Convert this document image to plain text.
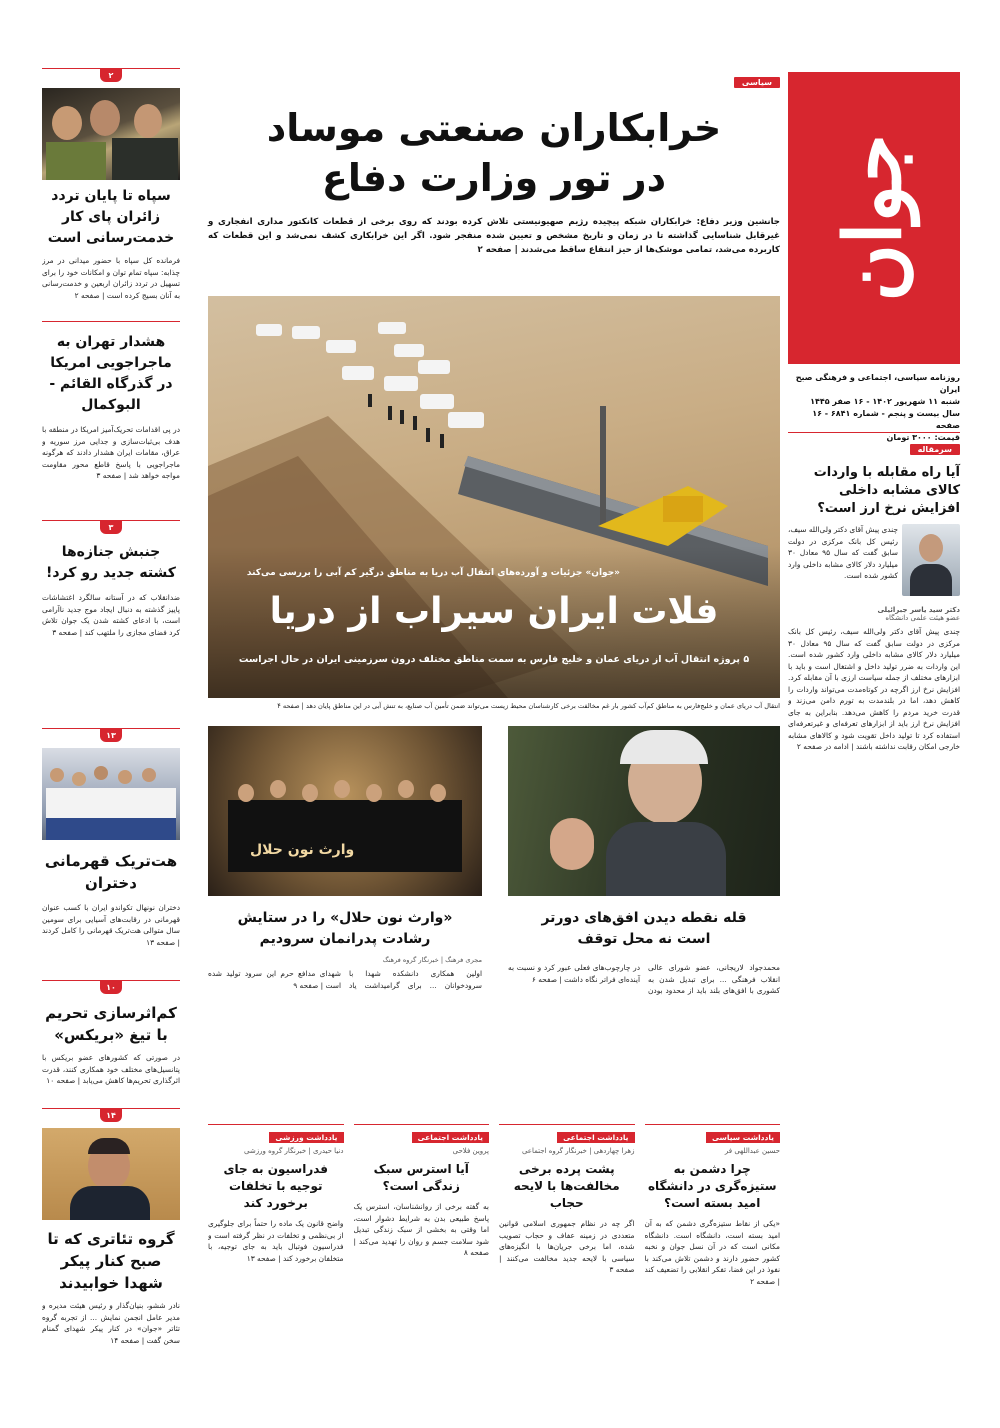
جوان
روزنامه سیاسی، اجتماعی و فرهنگی صبح ایران
شنبه ۱۱ شهریور ۱۴۰۲ - ۱۶ صفر ۱۴۴۵
سال بیست و پنجم - شماره ۶۸۴۱ - ۱۶ صفحه
قیمت: ۳۰۰۰ تومان
سرمقاله
آیا راه مقابله با واردات کالای مشابه داخلی افزایش نرخ ارز است؟
چندی پیش آقای دکتر ولی‌الله سیف، رئیس کل بانک مرکزی در دولت سابق گفت که سال ۹۵ معادل ۳۰ میلیارد دلار کالای مشابه داخلی وارد کشور شده است.
دکتر سید یاسر جبرائیلی
عضو هیئت علمی دانشگاه
چندی پیش آقای دکتر ولی‌الله سیف، رئیس کل بانک مرکزی در دولت سابق گفت که سال ۹۵ معادل ۳۰ میلیارد دلار کالای مشابه داخلی وارد کشور شده است. این واردات به ضرر تولید داخل و اشتغال است و باید با ابزارهای مختلف از جمله سیاست ارزی با آن مقابله کرد. افزایش نرخ ارز اگرچه در کوتاه‌مدت می‌تواند واردات را کاهش دهد، اما در بلندمدت به تورم دامن می‌زند و قدرت خرید مردم را کاهش می‌دهد. بنابراین به جای افزایش نرخ ارز باید از ابزارهای تعرفه‌ای و غیرتعرفه‌ای استفاده کرد تا تولید داخل تقویت شود و کالاهای مشابه خارجی امکان رقابت نداشته باشند | ادامه در صفحه ۲
۲
سپاه تا پایان تردد زائران پای کار خدمت‌رسانی است
فرمانده کل سپاه با حضور میدانی در مرز چذابه: سپاه تمام توان و امکانات خود را برای تسهیل در تردد زائران اربعین و خدمت‌رسانی به آنان بسیج کرده است | صفحه ۲
هشدار تهران به ماجراجویی امریکا در گذرگاه القائم - البوکمال
در پی اقدامات تحریک‌آمیز امریکا در منطقه با هدف بی‌ثبات‌سازی و جدایی مرز سوریه و عراق، مقامات ایران هشدار دادند که هرگونه ماجراجویی با پاسخ قاطع محور مقاومت مواجه خواهد شد | صفحه ۳
۳
جنبش جنازه‌ها کشته جدید رو کرد!
ضدانقلاب که در آستانه سالگرد اغتشاشات پاییز گذشته به دنبال ایجاد موج جدید ناآرامی است، با ادعای کشته شدن یک جوان تلاش کرد فضای مجازی را ملتهب کند | صفحه ۳
۱۳
هت‌تریک قهرمانی دختران
دختران نونهال تکواندو ایران با کسب عنوان قهرمانی در رقابت‌های آسیایی برای سومین سال متوالی هت‌تریک قهرمانی را کامل کردند | صفحه ۱۳
۱۰
کم‌اثرسازی تحریم با تیغ «بریکس»
در صورتی که کشورهای عضو بریکس با پتانسیل‌های مختلف خود همکاری کنند، قدرت اثرگذاری تحریم‌ها کاهش می‌یابد | صفحه ۱۰
۱۴
گروه تئاتری که تا صبح کنار پیکر شهدا خوابیدند
نادر ششو، بنیان‌گذار و رئیس هیئت مدیره و مدیر عامل انجمن نمایش ... از تجربه گروه تئاتر «جوان» در کنار پیکر شهدای گمنام سخن گفت | صفحه ۱۴
سیاسی
خرابکاران صنعتی موساد
در تور وزارت دفاع
جانشین وزیر دفاع: خرابکاران شبکه پیچیده رژیم صهیونیستی تلاش کرده بودند که روی برخی از قطعات کانکتور مداری انفجاری و غیرقابل شناسایی گذاشته تا در زمان و تاریخ مشخص و تعیین شده منفجر شود. اگر این خرابکاری کشف نمی‌شد و این قطعات که کاربرد‌ه می‌شد، تمامی موشک‌ها از حیز انتفاع ساقط می‌شدند | صفحه ۲
«جوان» جزئیات و آورده‌های انتقال آب دریا به مناطق درگیر کم آبی را بررسی می‌کند
فلات ایران سیراب از دریا
۵ پروژه انتقال آب از دریای عمان و خلیج فارس به سمت مناطق مختلف درون سرزمینی ایران در حال اجراست
انتقال آب دریای عمان و خلیج‌فارس به مناطق کم‌آب کشور بار غم مخالفت برخی کارشناسان محیط زیست می‌تواند ضمن تأمین آب صنایع، به تنش آبی در این مناطق پایان دهد | صفحه ۴
قله نقطه دیدن افق‌های دورتر است نه محل توقف
محمدجواد لاریجانی، عضو شورای عالی انقلاب فرهنگی ... برای تبدیل شدن به کشوری با افق‌های بلند باید از محدود بودن در چارچوب‌های فعلی عبور کرد و نسبت به آینده‌ای فراتر نگاه داشت | صفحه ۶
وارث نون حلال
«وارث نون حلال» را در ستایش رشادت پدرانمان سرودیم
مجری فرهنگ | خبرنگار گروه فرهنگ
اولین همکاری دانشکده شهدا با سرودخوانان ... برای گرامیداشت یاد شهدای مدافع حرم این سرود تولید شده است | صفحه ۹
یادداشت سیاسی
حسین عبداللهی فر
چرا دشمن به ستیزه‌گری در دانشگاه امید بسته است؟
«یکی از نقاط ستیزه‌گری دشمن که به آن امید بسته است، دانشگاه است. دانشگاه مکانی است که در آن نسل جوان و نخبه کشور حضور دارند و دشمن تلاش می‌کند با نفوذ در این فضا، تفکر انقلابی را تضعیف کند | صفحه ۲
یادداشت اجتماعی
زهرا چهاردهی | خبرنگار گروه اجتماعی
پشت پرده برخی مخالفت‌ها با لایحه حجاب
اگر چه در نظام جمهوری اسلامی قوانین متعددی در زمینه عفاف و حجاب تصویب شده، اما برخی جریان‌ها با انگیزه‌های سیاسی با لایحه جدید مخالفت می‌کنند | صفحه ۳
یادداشت اجتماعی
پروین فلاحی
آیا استرس سبک زندگی است؟
به گفته برخی از روانشناسان، استرس یک پاسخ طبیعی بدن به شرایط دشوار است، اما وقتی به بخشی از سبک زندگی تبدیل شود سلامت جسم و روان را تهدید می‌کند | صفحه ۸
یادداشت ورزشی
دنیا حیدری | خبرنگار گروه ورزشی
فدراسیون به جای توجیه با تخلفات برخورد کند
واضح قانون یک ماده را حتماً برای جلوگیری از بی‌نظمی و تخلفات در نظر گرفته است و فدراسیون فوتبال باید به جای توجیه، با متخلفان برخورد کند | صفحه ۱۳
